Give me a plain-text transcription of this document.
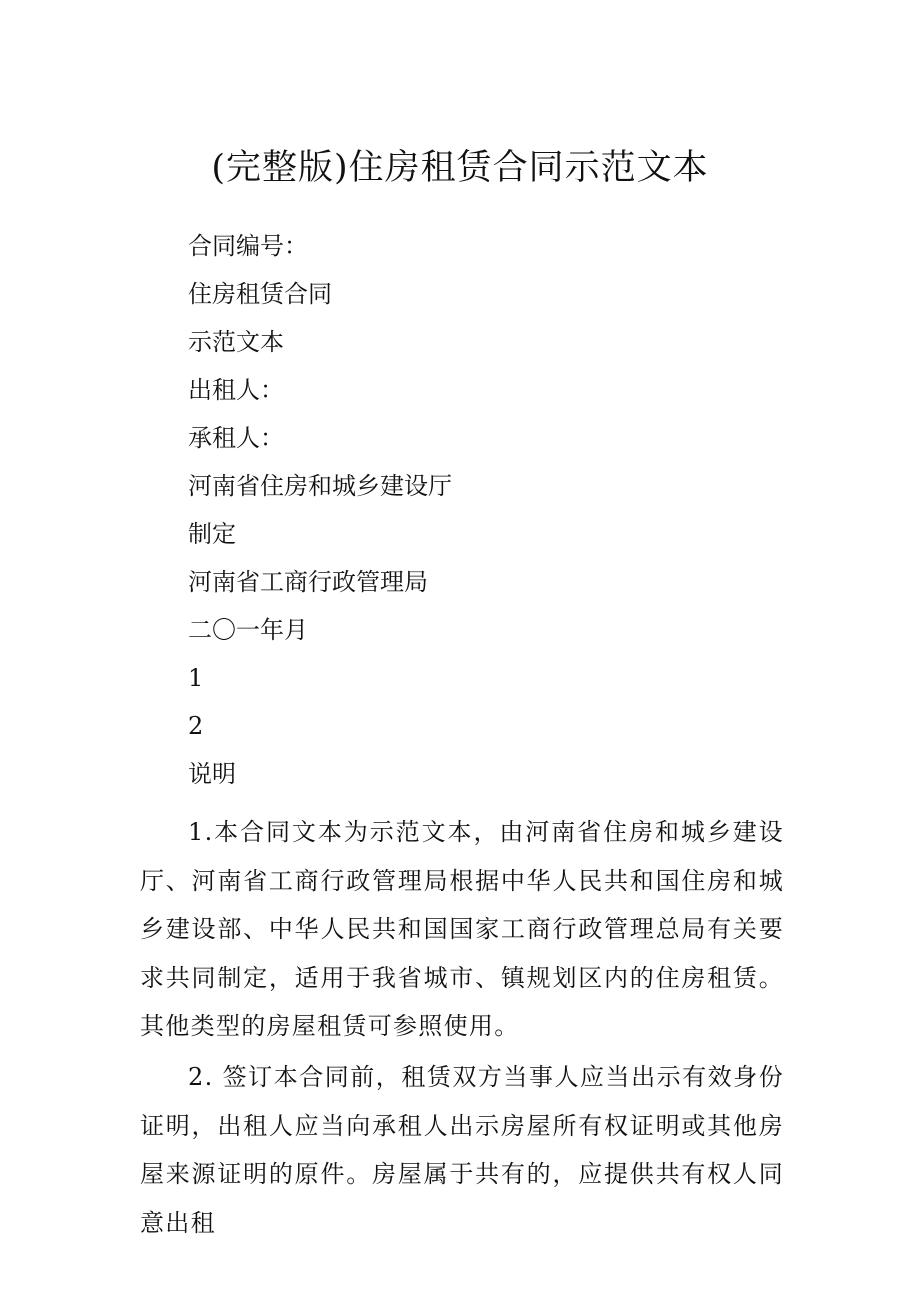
(完整版)住房租赁合同示范文本
合同编号：
住房租赁合同
示范文本
出租人：
承租人：
河南省住房和城乡建设厅
制定
河南省工商行政管理局
二〇一年月
1
2
说明

1.本合同文本为示范文本，由河南省住房和城乡建设厅、河南省工商行政管理局根据中华人民共和国住房和城乡建设部、中华人民共和国国家工商行政管理总局有关要求共同制定，适用于我省城市、镇规划区内的住房租赁。其他类型的房屋租赁可参照使用。

2. 签订本合同前，租赁双方当事人应当出示有效身份证明，出租人应当向承租人出示房屋所有权证明或其他房屋来源证明的原件。房屋属于共有的，应提供共有权人同意出租
